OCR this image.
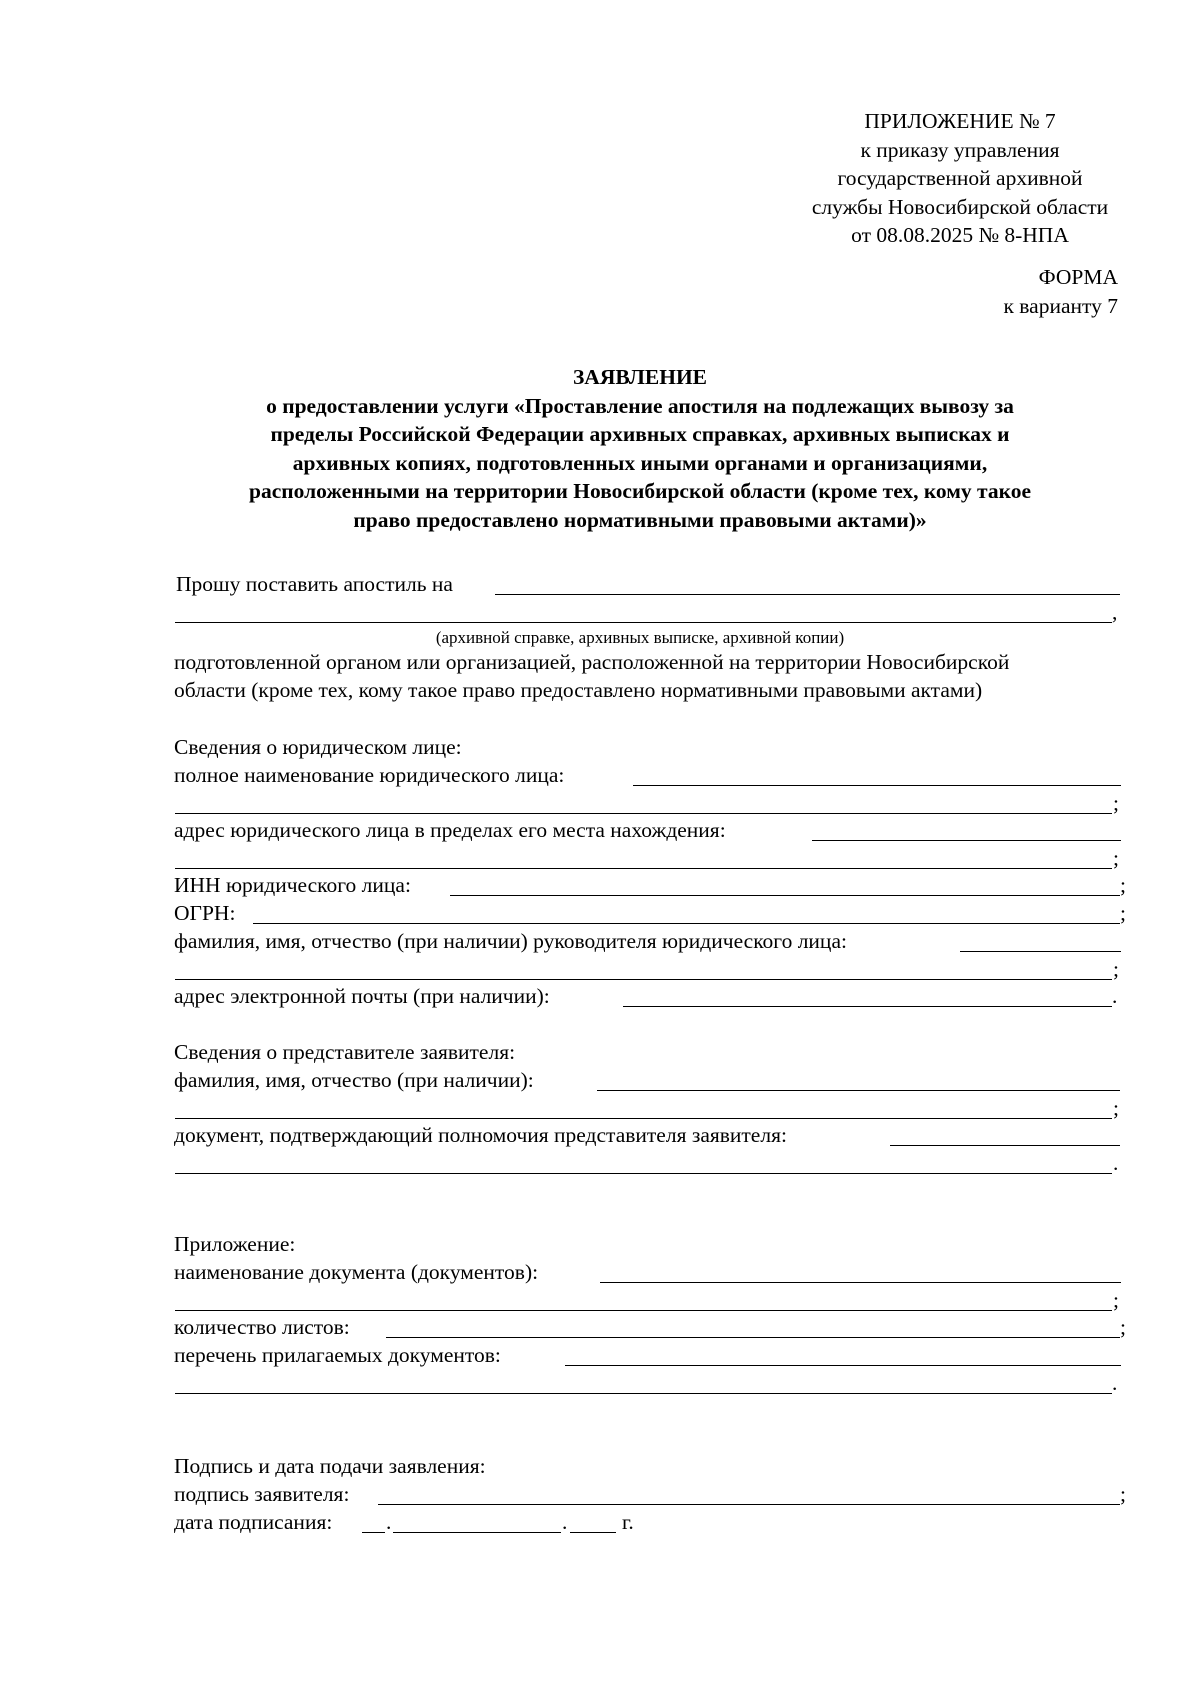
ПРИЛОЖЕНИЕ № 7
к приказу управления
государственной архивной
службы Новосибирской области
от 08.08.2025 № 8-НПА
ФОРМА
к варианту 7
ЗАЯВЛЕНИЕ
о предоставлении услуги «Проставление апостиля на подлежащих вывозу за
пределы Российской Федерации архивных справках, архивных выписках и
архивных копиях, подготовленных иными органами и организациями,
расположенными на территории Новосибирской области (кроме тех, кому такое
право предоставлено нормативными правовыми актами)»
Прошу поставить апостиль на
,
(архивной справке, архивных выписке, архивной копии)
подготовленной органом или организацией, расположенной на территории Новосибирской
области (кроме тех, кому такое право предоставлено нормативными правовыми актами)
Сведения о юридическом лице:
полное наименование юридического лица:
;
адрес юридического лица в пределах его места нахождения:
;
ИНН юридического лица:	;
ОГРН:	;
фамилия, имя, отчество (при наличии) руководителя юридического лица:
;
адрес электронной почты (при наличии):	.
Сведения о представителе заявителя:
фамилия, имя, отчество (при наличии):
;
документ, подтверждающий полномочия представителя заявителя:
.
Приложение:
наименование документа (документов):
;
количество листов:	;
перечень прилагаемых документов:
.
Подпись и дата подачи заявления:
подпись заявителя:	;
дата подписания: .	.	г.
